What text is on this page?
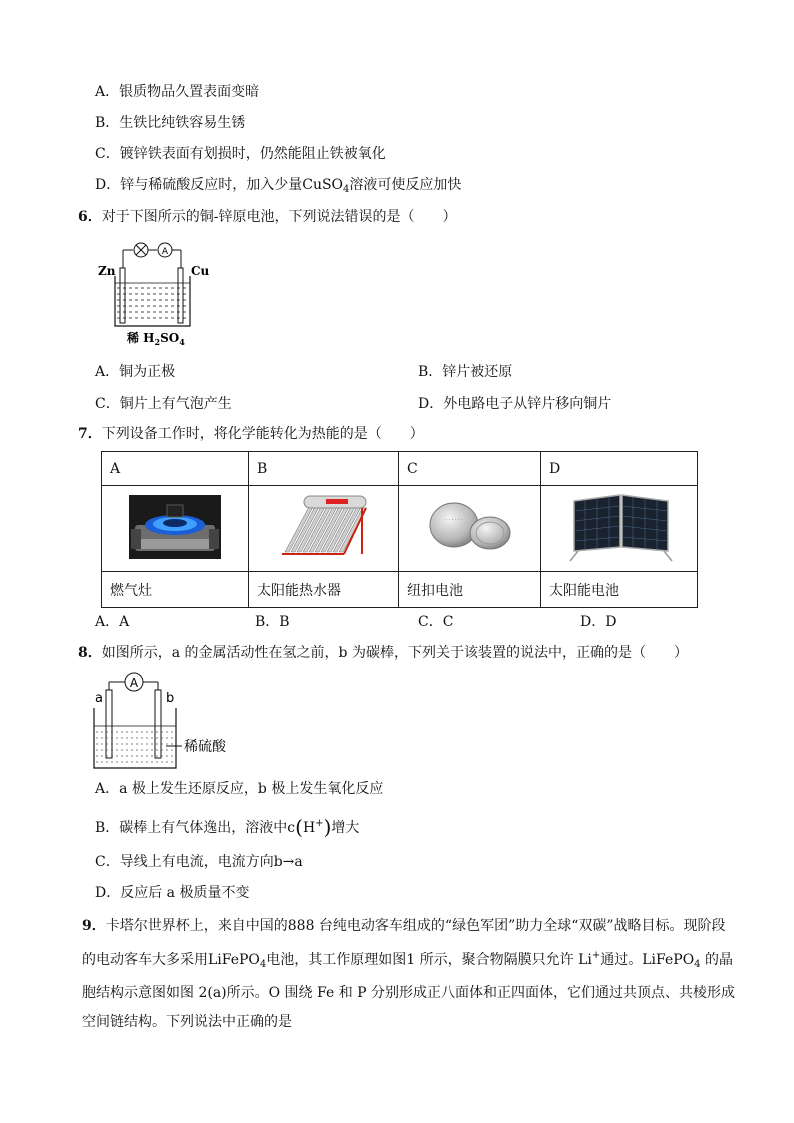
A．银质物品久置表面变暗
B．生铁比纯铁容易生锈
C．镀锌铁表面有划损时，仍然能阻止铁被氧化
D．锌与稀硫酸反应时，加入少量CuSO$_4$溶液可使反应加快
6．对于下图所示的铜-锌原电池，下列说法错误的是（　　）
A
Zn	Cu
稀 $H_2SO_4$
A．铜为正极	B．锌片被还原
C．铜片上有气泡产生	D．外电路电子从锌片移向铜片
7．下列设备工作时，将化学能转化为热能的是（　　）
A	B	C	D

· · · · · ·

燃气灶	太阳能热水器	纽扣电池	太阳能电池
A．A	B．B	C．C	D．D
8．如图所示，a 的金属活动性在氢之前，b 为碳棒，下列关于该装置的说法中，正确的是（　　）
A
a	b
稀硫酸
A．a 极上发生还原反应，b 极上发生氧化反应
B．碳棒上有气体逸出，溶液中c(H+)增大
C．导线上有电流，电流方向b→a
D．反应后 a 极质量不变
9．卡塔尔世界杯上，来自中国的888 台纯电动客车组成的“绿色军团”助力全球“双碳”战略目标。现阶段
的电动客车大多采用LiFePO$_4$电池，其工作原理如图1 所示，聚合物隔膜只允许 Li+通过。LiFePO$_4$ 的晶
胞结构示意图如图 2(a)所示。O 围绕 Fe 和 P 分别形成正八面体和正四面体，它们通过共顶点、共棱形成
空间链结构。下列说法中正确的是
